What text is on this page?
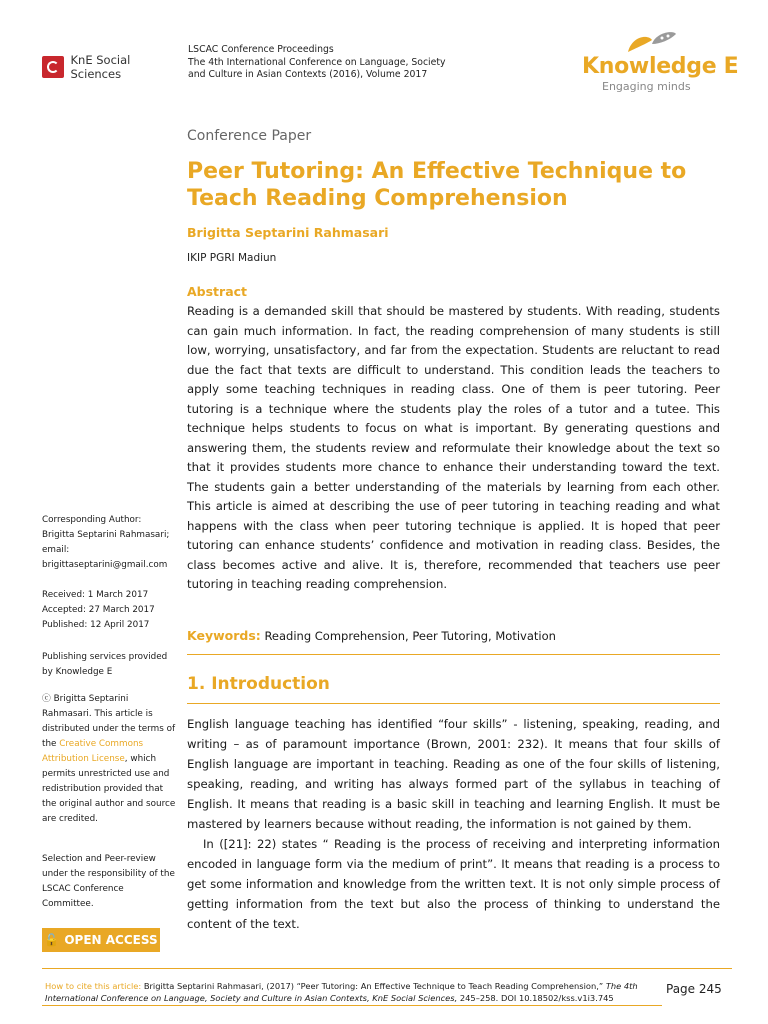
KnE Social Sciences
LSCAC Conference Proceedings
The 4th International Conference on Language, Society
and Culture in Asian Contexts (2016), Volume 2017	Knowledge E
Engaging minds
Conference Paper
Peer Tutoring: An Effective Technique to Teach Reading Comprehension
Brigitta Septarini Rahmasari
IKIP PGRI Madiun
Abstract
Reading is a demanded skill that should be mastered by students. With reading, students can gain much information. In fact, the reading comprehension of many students is still low, worrying, unsatisfactory, and far from the expectation. Students are reluctant to read due the fact that texts are difficult to understand. This condition leads the teachers to apply some teaching techniques in reading class. One of them is peer tutoring. Peer tutoring is a technique where the students play the roles of a tutor and a tutee. This technique helps students to focus on what is important. By generating questions and answering them, the students review and reformulate their knowledge about the text so that it provides students more chance to enhance their understanding toward the text. The students gain a better understanding of the materials by learning from each other. This article is aimed at describing the use of peer tutoring in teaching reading and what happens with the class when peer tutoring technique is applied. It is hoped that peer tutoring can enhance students’ confidence and motivation in reading class. Besides, the class becomes active and alive. It is, therefore, recommended that teachers use peer tutoring in teaching reading comprehension.
Keywords: Reading Comprehension, Peer Tutoring, Motivation
1. Introduction

English language teaching has identified “four skills” - listening, speaking, reading, and writing – as of paramount importance (Brown, 2001: 232). It means that four skills of English language are important in teaching. Reading as one of the four skills of listening, speaking, reading, and writing has always formed part of the syllabus in teaching of English. It means that reading is a basic skill in teaching and learning English. It must be mastered by learners because without reading, the information is not gained by them.

In ([21]: 22) states “ Reading is the process of receiving and interpreting information encoded in language form via the medium of print”. It means that reading is a process to get some information and knowledge from the written text. It is not only simple process of getting information from the text but also the process of thinking to understand the content of the text.

Corresponding Author:
Brigitta Septarini Rahmasari;
email:
brigittaseptarini@gmail.com
Received: 1 March 2017
Accepted: 27 March 2017
Published: 12 April 2017
Publishing services provided by Knowledge E
ⓒ Brigitta Septarini Rahmasari. This article is distributed under the terms of the Creative Commons Attribution License, which permits unrestricted use and redistribution provided that the original author and source are credited.
Selection and Peer-review under the responsibility of the LSCAC Conference Committee.
🔓 OPEN ACCESS
How to cite this article: Brigitta Septarini Rahmasari, (2017) “Peer Tutoring: An Effective Technique to Teach Reading Comprehension,” The 4th International Conference on Language, Society and Culture in Asian Contexts, KnE Social Sciences, 245–258. DOI 10.18502/kss.v1i3.745
Page 245
